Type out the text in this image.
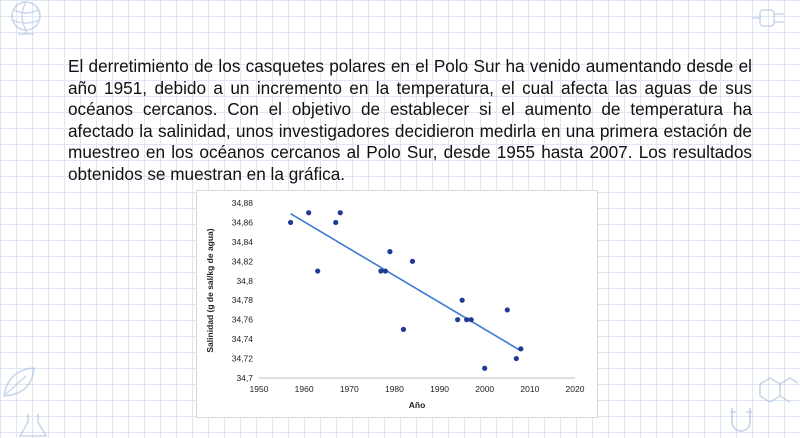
El derretimiento de los casquetes polares en el Polo Sur ha venido aumentando desde el año 1951, debido a un incremento en la temperatura, el cual afecta las aguas de sus océanos cercanos. Con el objetivo de establecer si el aumento de temperatura ha afectado la salinidad, unos investigadores decidieron medirla en una primera estación de muestreo en los océanos cercanos al Polo Sur, desde 1955 hasta 2007. Los resultados obtenidos se muestran en la gráfica.
34,7
34,72
34,74
34,76
34,78
34,8
34,82
34,84
34,86
34,88
1950	1960	1970	1980	1990	2000	2010	2020
Año
Salinidad (g de sal/kg de agua)
